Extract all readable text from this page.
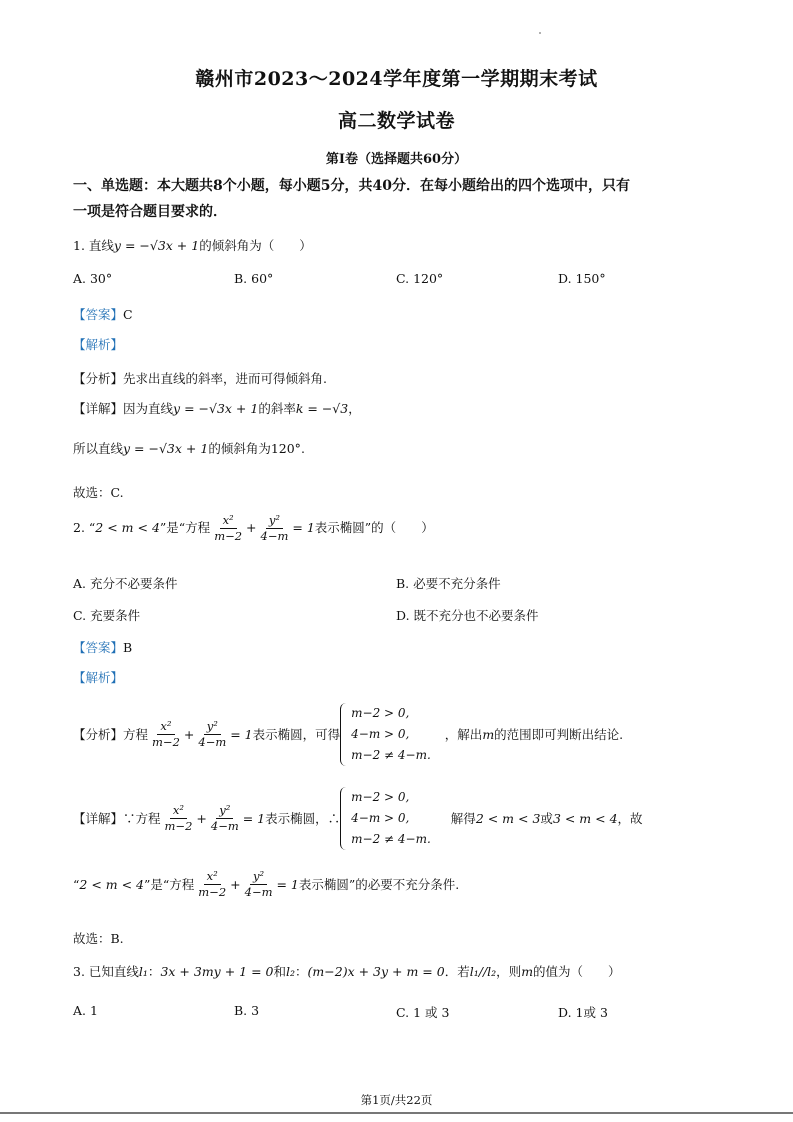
赣州市2023～2024学年度第一学期期末考试
高二数学试卷
第I卷（选择题共60分）
一、单选题：本大题共8个小题，每小题5分，共40分．在每小题给出的四个选项中，只有
一项是符合题目要求的．
1. 直线y = −√3x + 1的倾斜角为（　　）
A. 30°	B. 60°	C. 120°	D. 150°
【答案】C
【解析】
【分析】先求出直线的斜率，进而可得倾斜角.
【详解】因为直线y = −√3x + 1的斜率k = −√3，
所以直线y = −√3x + 1的倾斜角为120°.
故选：C.
2. “2 < m < 4”是“方程 $\frac{\text{x²}}{m-2} + \frac{\text{y²}}{4-m} = 1$表示椭圆”的（　　）
A. 充分不必要条件	B. 必要不充分条件
C. 充要条件	D. 既不充分也不必要条件
【答案】B
【解析】
【分析】 方程 $\frac{\text{x²}}{m-2} + \frac{\text{y²}}{4-m} = 1$ 表示椭圆，可得
m−2 > 0,
4−m > 0,
m−2 ≠ 4−m.
，解出 m 的范围即可判断出结论.
【详解】 ∵方程 $\frac{\text{x²}}{m-2} + \frac{\text{y²}}{4-m} = 1$ 表示椭圆，∴
m−2 > 0,
4−m > 0,
m−2 ≠ 4−m.
解得 2 < m < 3 或 3 < m < 4 ，故
“ 2 < m < 4 ”是“方程 $\frac{\text{x²}}{m-2} + \frac{\text{y²}}{4-m} = 1$ 表示椭圆”的必要不充分条件.
故选：B.
3. 已知直线l₁：3x + 3my + 1 = 0和l₂：(m−2)x + 3y + m = 0．若l₁//l₂，则m的值为（　　）
A. 1	B. 3	C. 1 或 3	D. 1或 3
第1页/共22页
